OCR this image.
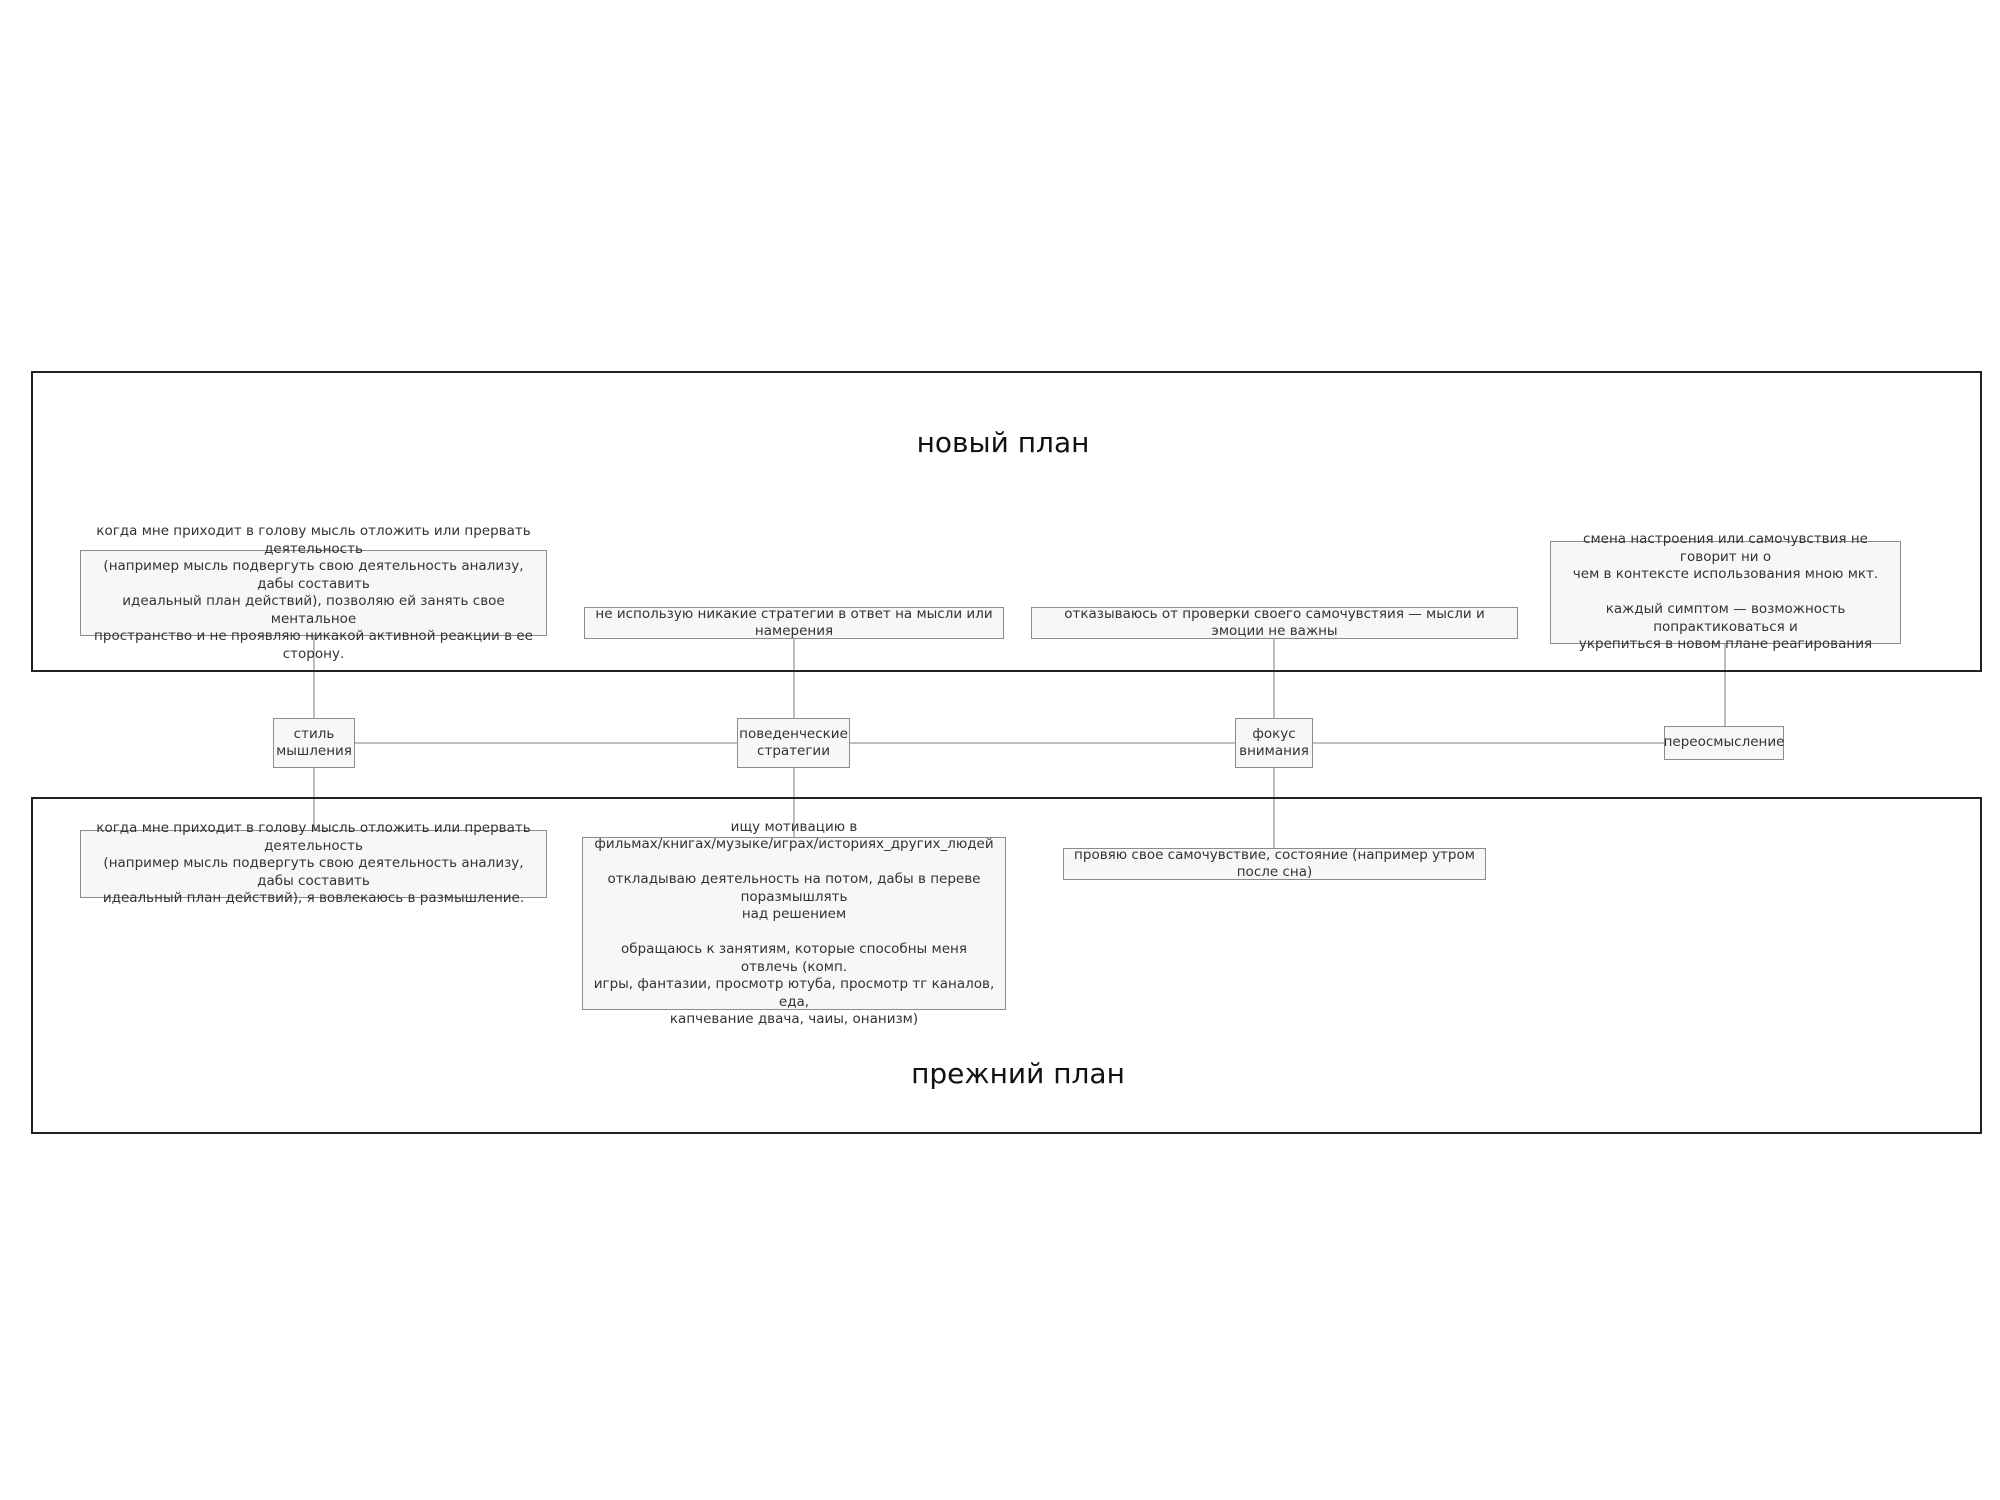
новый план
прежний план
когда мне приходит в голову мысль отложить или прервать деятельность
(например мысль подвергуть свою деятельность анализу, дабы составить
идеальный план действий), позволяю ей занять свое ментальное
пространство и не проявляю никакой активной реакции в ее сторону.
не использую никакие стратегии в ответ на мысли или намерения
отказываюсь от проверки своего самочувстяия — мысли и эмоции не важны
смена настроения или самочувствия не говорит ни о
чем в контексте использования мною мкт.

каждый симптом — возможность попрактиковаться и
укрепиться в новом плане реагирования
стиль
мышления
поведенческие
стратегии
фокус
внимания
переосмысление
когда мне приходит в голову мысль отложить или прервать деятельность
(например мысль подвергуть свою деятельность анализу, дабы составить
идеальный план действий), я вовлекаюсь в размышление.
ищу мотивацию в
фильмах/книгах/музыке/играх/историях_других_людей

откладываю деятельность на потом, дабы в переве поразмышлять
над решением

обращаюсь к занятиям, которые способны меня отвлечь (комп.
игры, фантазии, просмотр ютуба, просмотр тг каналов, еда,
капчевание двача, чаиы, онанизм)
провяю свое самочувствие, состояние (например утром после сна)
